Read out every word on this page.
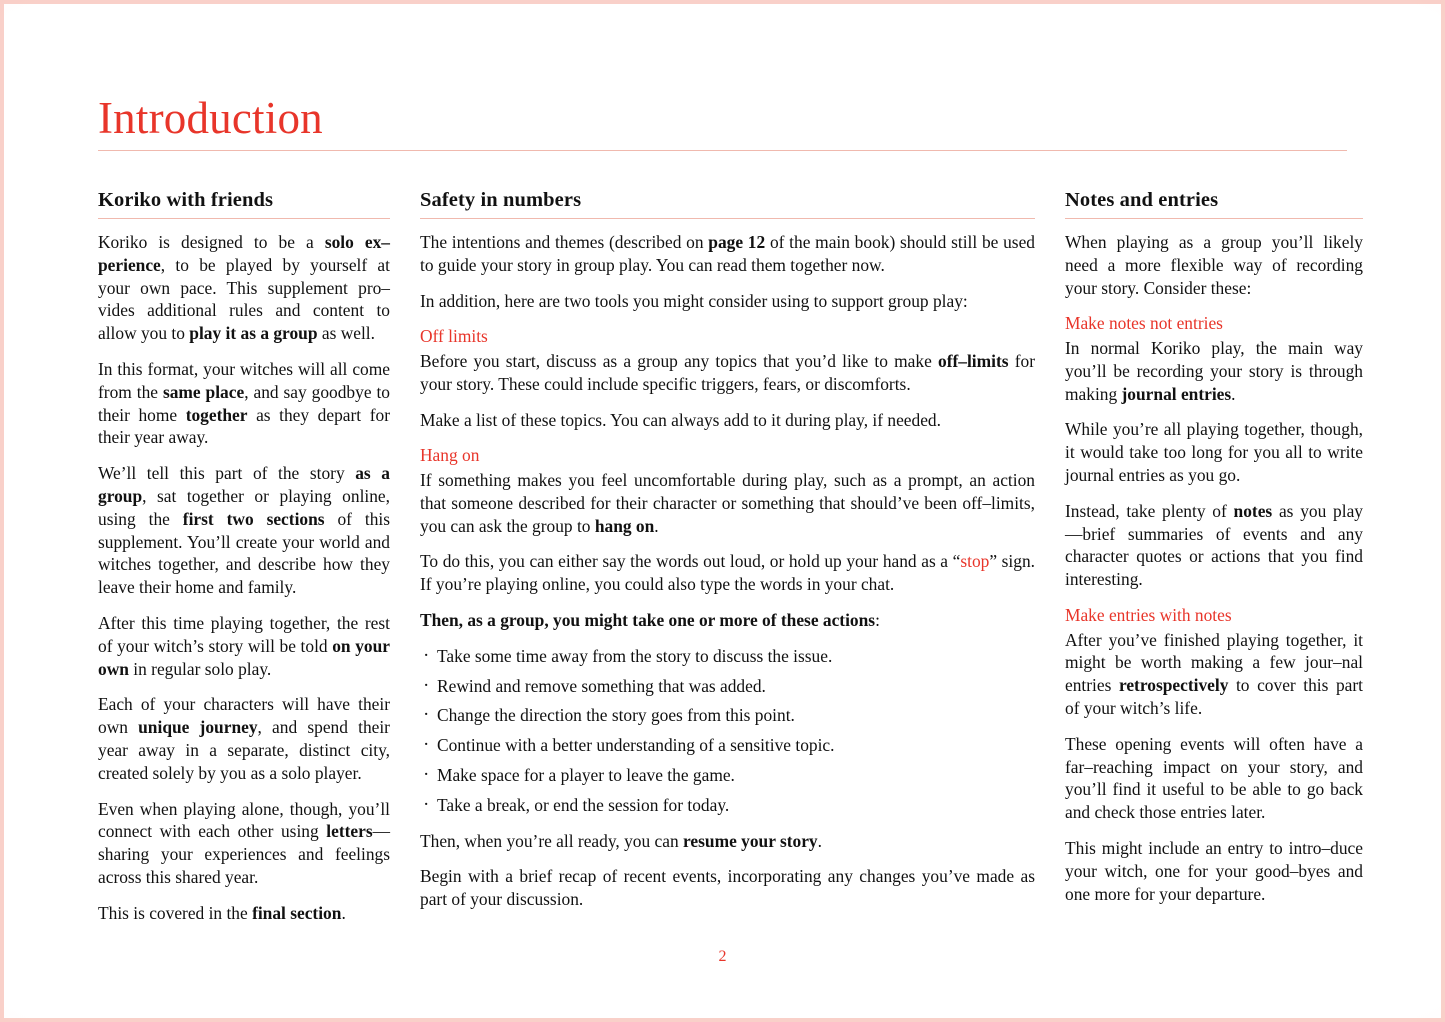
Introduction
Koriko with friends

Koriko is designed to be a solo ex–perience, to be played by yourself at your own pace. This supplement pro–vides additional rules and content to allow you to play it as a group as well.

In this format, your witches will all come from the same place, and say goodbye to their home together as they depart for their year away.

We’ll tell this part of the story as a group, sat together or playing online, using the first two sections of this supplement. You’ll create your world and witches together, and describe how they leave their home and family.

After this time playing together, the rest of your witch’s story will be told on your own in regular solo play.

Each of your characters will have their own unique journey, and spend their year away in a separate, distinct city, created solely by you as a solo player.

Even when playing alone, though, you’ll connect with each other using letters—sharing your experiences and feelings across this shared year.

This is covered in the final section.

Safety in numbers

The intentions and themes (described on page 12 of the main book) should still be used to guide your story in group play. You can read them together now.

In addition, here are two tools you might consider using to support group play:

Off limits

Before you start, discuss as a group any topics that you’d like to make off–limits for your story. These could include specific triggers, fears, or discomforts.

Make a list of these topics. You can always add to it during play, if needed.

Hang on

If something makes you feel uncomfortable during play, such as a prompt, an action that someone described for their character or something that should’ve been off–limits, you can ask the group to hang on.

To do this, you can either say the words out loud, or hold up your hand as a “stop” sign. If you’re playing online, you could also type the words in your chat.

Then, as a group, you might take one or more of these actions:

· Take some time away from the story to discuss the issue.
· Rewind and remove something that was added.
· Change the direction the story goes from this point.
· Continue with a better understanding of a sensitive topic.
· Make space for a player to leave the game.
· Take a break, or end the session for today.

Then, when you’re all ready, you can resume your story.

Begin with a brief recap of recent events, incorporating any changes you’ve made as part of your discussion.

Notes and entries

When playing as a group you’ll likely need a more flexible way of recording your story. Consider these:

Make notes not entries

In normal Koriko play, the main way you’ll be recording your story is through making journal entries.

While you’re all playing together, though, it would take too long for you all to write journal entries as you go.

Instead, take plenty of notes as you play—brief summaries of events and any character quotes or actions that you find interesting.

Make entries with notes

After you’ve finished playing together, it might be worth making a few jour–nal entries retrospectively to cover this part of your witch’s life.

These opening events will often have a far–reaching impact on your story, and you’ll find it useful to be able to go back and check those entries later.

This might include an entry to intro–duce your witch, one for your good–byes and one more for your departure.

2
